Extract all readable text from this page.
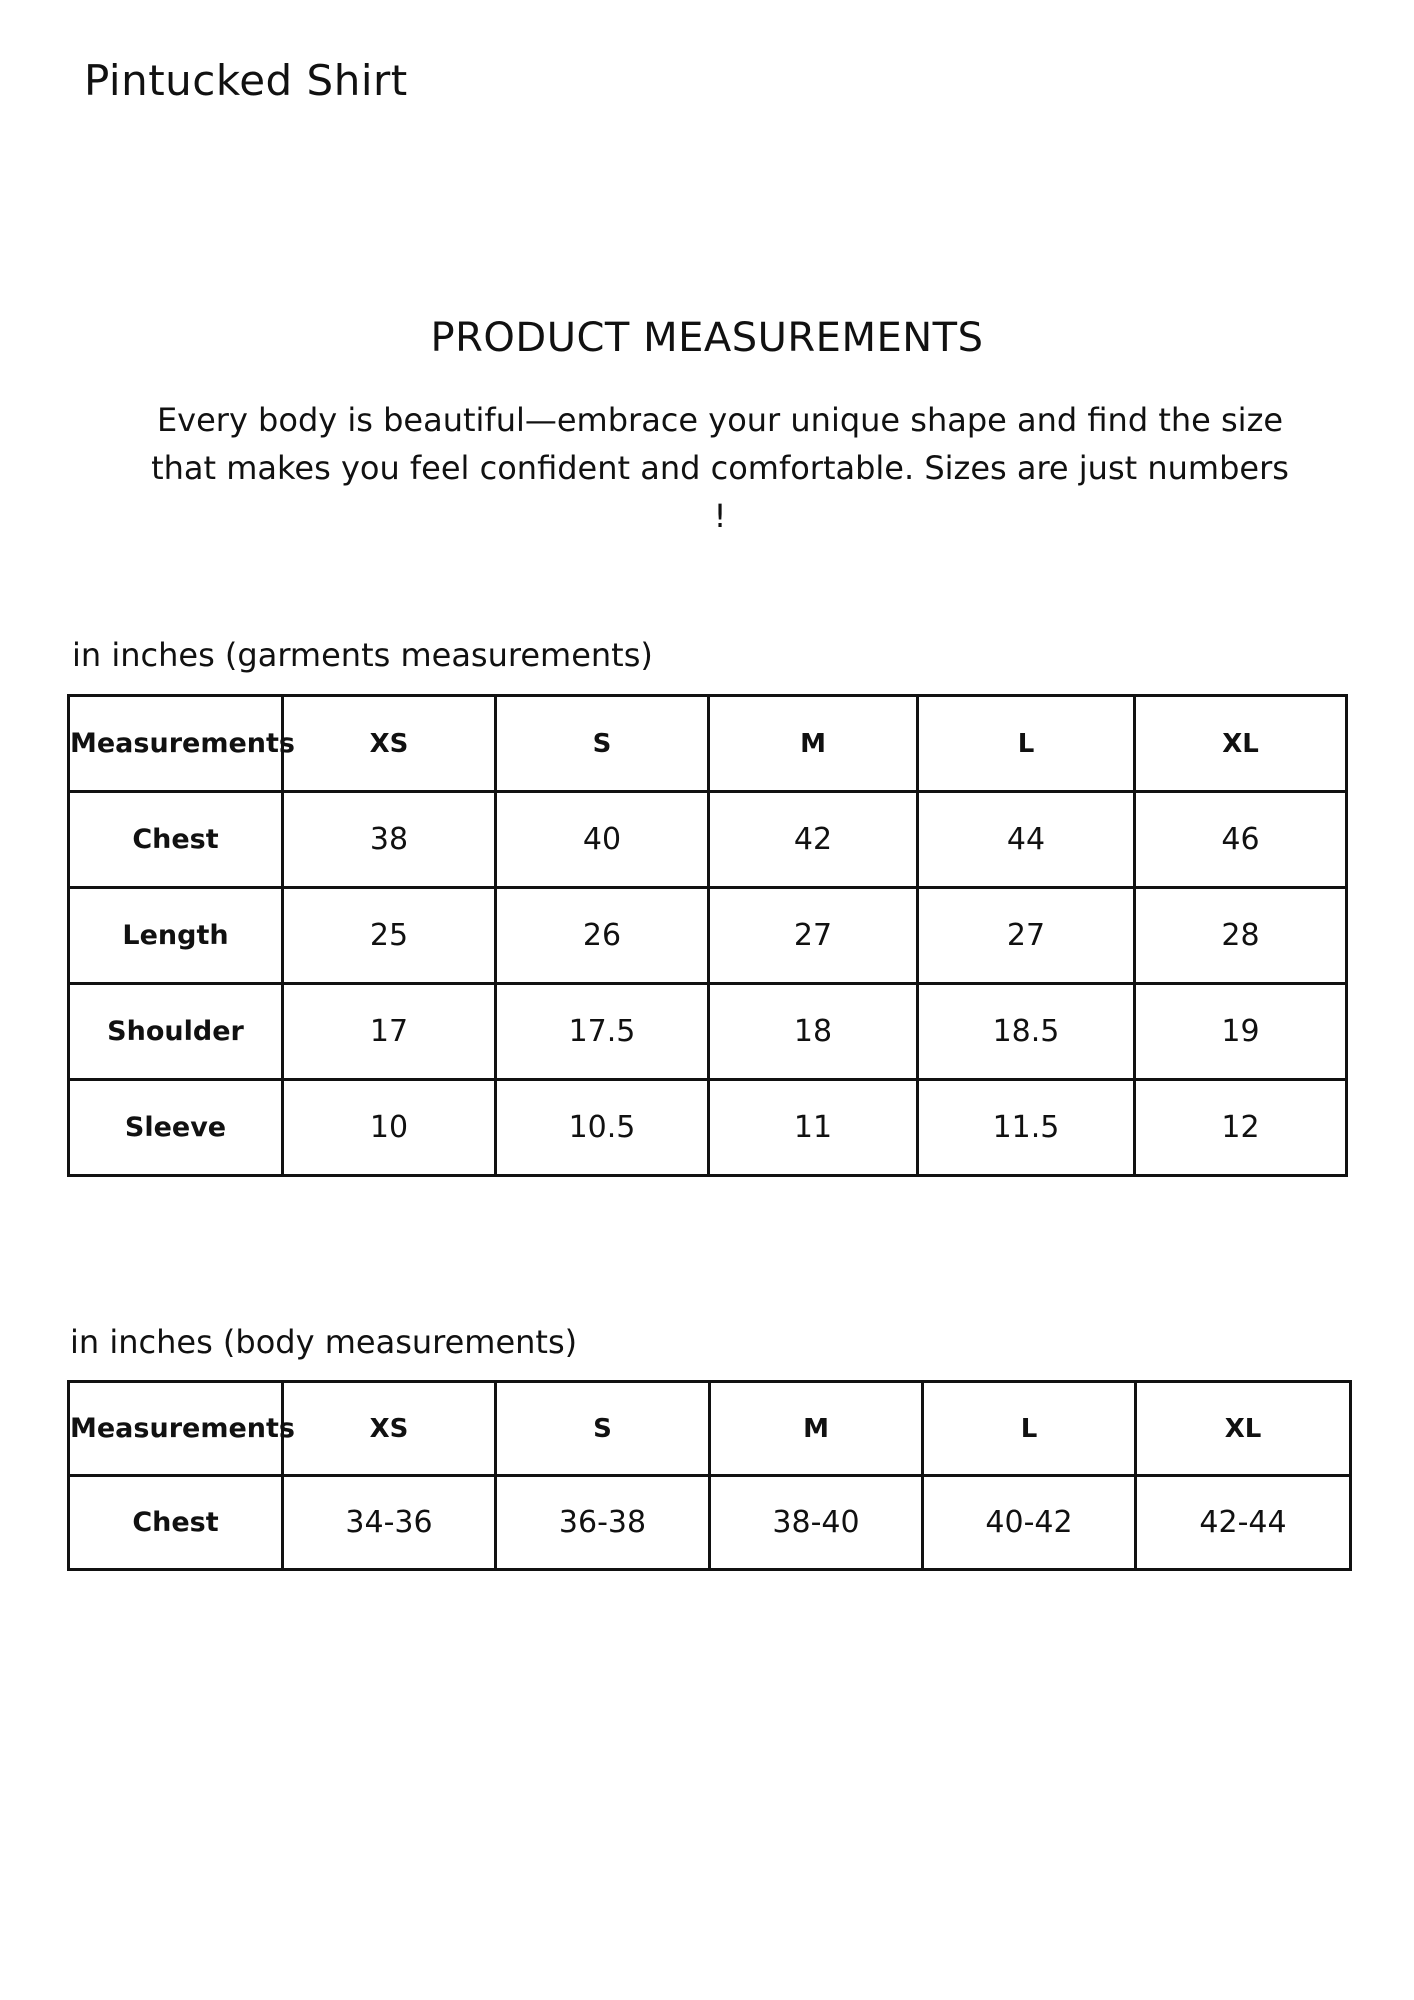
Pintucked Shirt
PRODUCT MEASUREMENTS

Every body is beautiful—embrace your unique shape and find the size that makes you feel confident and comfortable. Sizes are just numbers !

in inches (garments measurements)

Measurements	XS	S	M	L	XL
Chest	38	40	42	44	46
Length	25	26	27	27	28
Shoulder	17	17.5	18	18.5	19
Sleeve	10	10.5	11	11.5	12

in inches (body measurements)

Measurements	XS	S	M	L	XL
Chest	34-36	36-38	38-40	40-42	42-44
